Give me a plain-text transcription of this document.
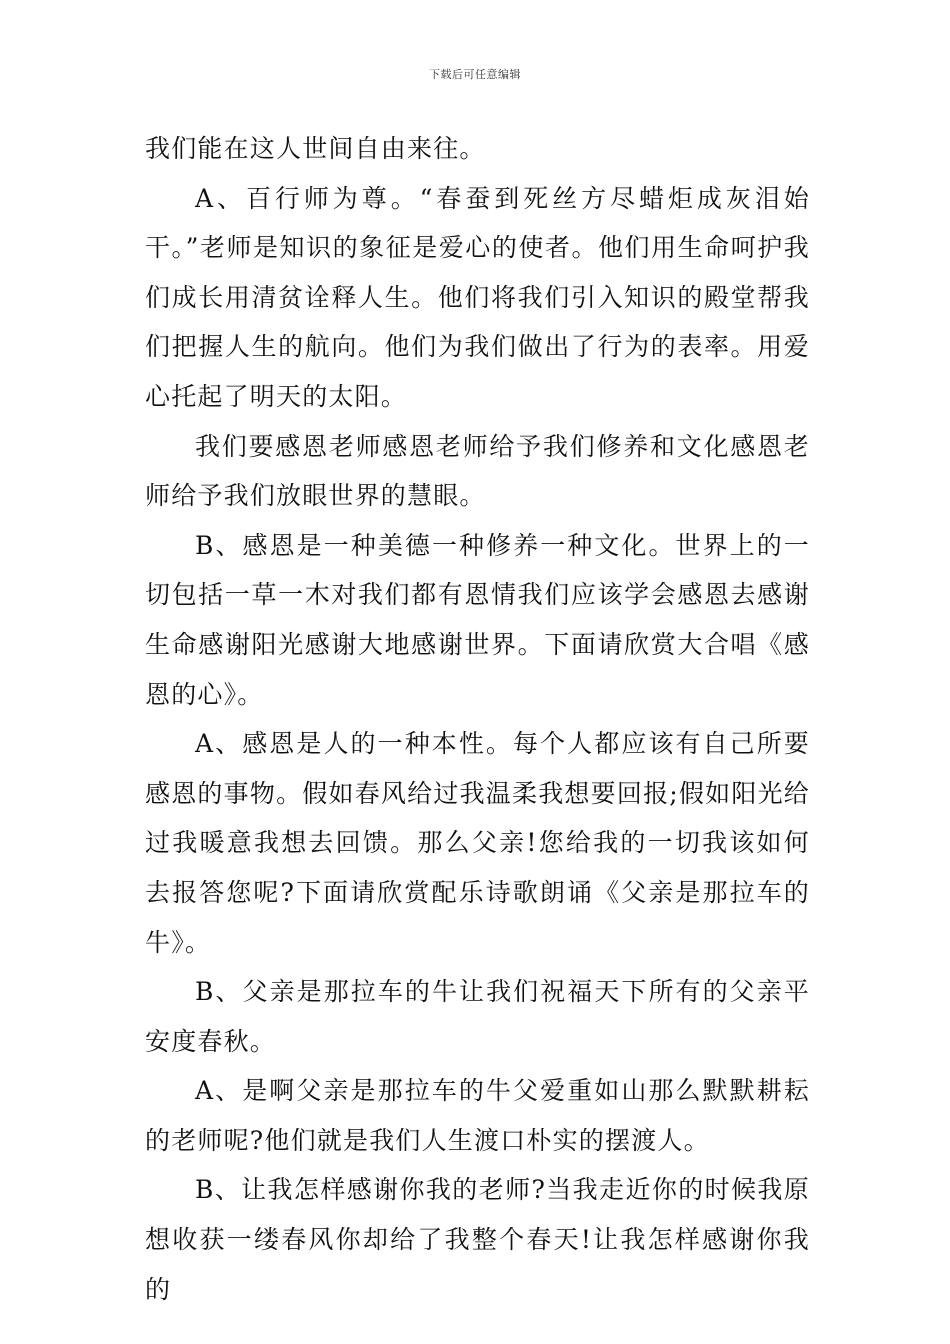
下载后可任意编辑

我们能在这人世间自由来往。

A、百行师为尊。“春蚕到死丝方尽蜡炬成灰泪始干。”老师是知识的象征是爱心的使者。他们用生命呵护我们成长用清贫诠释人生。他们将我们引入知识的殿堂帮我们把握人生的航向。他们为我们做出了行为的表率。用爱心托起了明天的太阳。

我们要感恩老师感恩老师给予我们修养和文化感恩老师给予我们放眼世界的慧眼。

B、感恩是一种美德一种修养一种文化。世界上的一切包括一草一木对我们都有恩情我们应该学会感恩去感谢生命感谢阳光感谢大地感谢世界。下面请欣赏大合唱《感恩的心》。

A、感恩是人的一种本性。每个人都应该有自己所要感恩的事物。假如春风给过我温柔我想要回报;假如阳光给过我暖意我想去回馈。那么父亲!您给我的一切我该如何去报答您呢?下面请欣赏配乐诗歌朗诵《父亲是那拉车的牛》。

B、父亲是那拉车的牛让我们祝福天下所有的父亲平安度春秋。

A、是啊父亲是那拉车的牛父爱重如山那么默默耕耘的老师呢?他们就是我们人生渡口朴实的摆渡人。

B、让我怎样感谢你我的老师?当我走近你的时候我原想收获一缕春风你却给了我整个春天!让我怎样感谢你我的
